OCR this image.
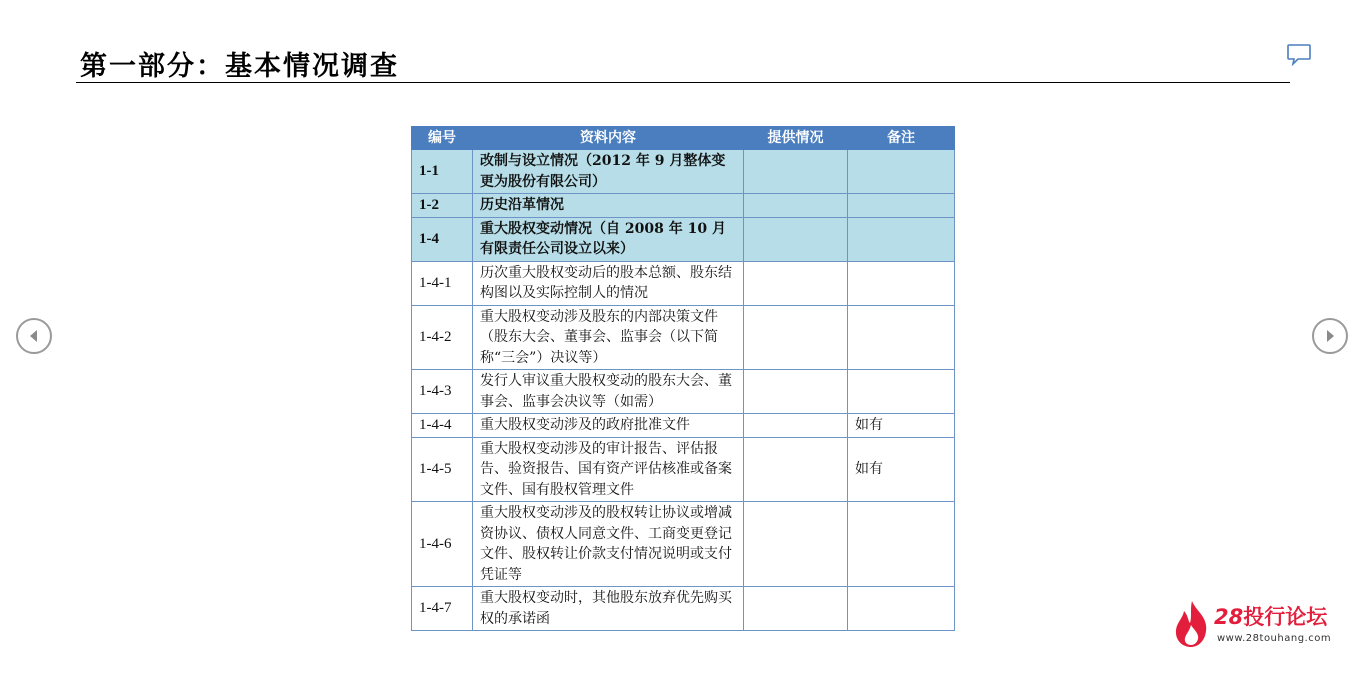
第一部分：基本情况调查
编号	资料内容	提供情况	备注
1-1	改制与设立情况（2012 年 9 月整体变更为股份有限公司）		
1-2	历史沿革情况		
1-4	重大股权变动情况（自 2008 年 10 月有限责任公司设立以来）		
1-4-1	历次重大股权变动后的股本总额、股东结构图以及实际控制人的情况		
1-4-2	重大股权变动涉及股东的内部决策文件（股东大会、董事会、监事会（以下简称“三会”）决议等）		
1-4-3	发行人审议重大股权变动的股东大会、董事会、监事会决议等（如需）		
1-4-4	重大股权变动涉及的政府批准文件		如有
1-4-5	重大股权变动涉及的审计报告、评估报告、验资报告、国有资产评估核准或备案文件、国有股权管理文件		如有
1-4-6	重大股权变动涉及的股权转让协议或增减资协议、债权人同意文件、工商变更登记文件、股权转让价款支付情况说明或支付凭证等		
1-4-7	重大股权变动时，其他股东放弃优先购买权的承诺函			28投行论坛
www.28touhang.com
